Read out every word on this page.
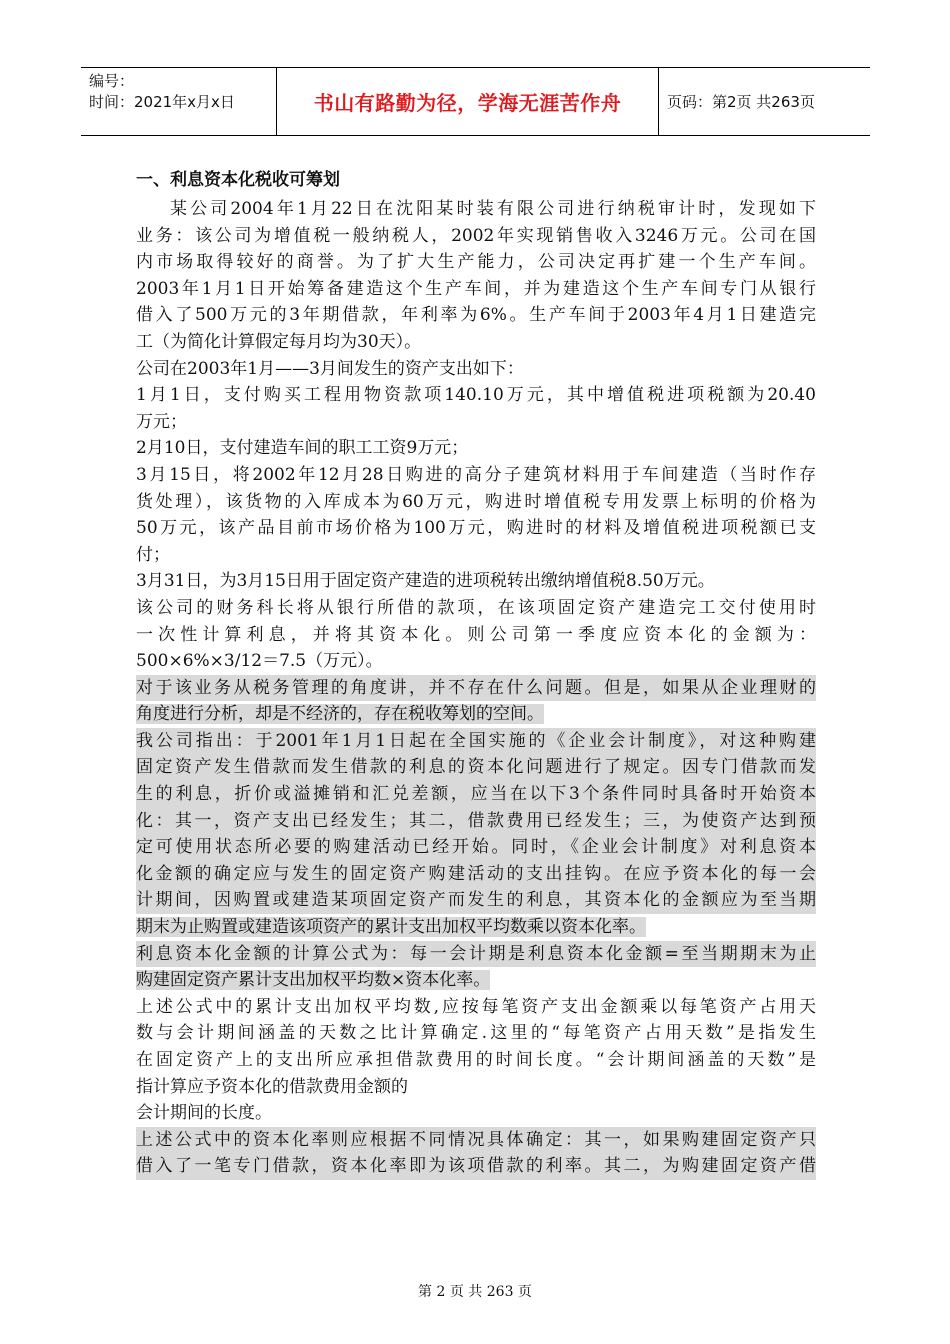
编号：
时间：2021年x月x日	书山有路勤为径，学海无涯苦作舟	页码：第2页 共263页
一、利息资本化税收可筹划
某公司2004年1月22日在沈阳某时装有限公司进行纳税审计时，发现如下
业务：该公司为增值税一般纳税人，2002年实现销售收入3246万元。公司在国
内市场取得较好的商誉。为了扩大生产能力，公司决定再扩建一个生产车间。
2003年1月1日开始筹备建造这个生产车间，并为建造这个生产车间专门从银行
借入了500万元的3年期借款，年利率为6%。生产车间于2003年4月1日建造完
工（为简化计算假定每月均为30天）。
公司在2003年1月——3月间发生的资产支出如下：
1月1日，支付购买工程用物资款项140.10万元，其中增值税进项税额为20.40
万元；
2月10日，支付建造车间的职工工资9万元；
3月15日，将2002年12月28日购进的高分子建筑材料用于车间建造（当时作存
货处理），该货物的入库成本为60万元，购进时增值税专用发票上标明的价格为
50万元，该产品目前市场价格为100万元，购进时的材料及增值税进项税额已支
付；
3月31日，为3月15日用于固定资产建造的进项税转出缴纳增值税8.50万元。
该公司的财务科长将从银行所借的款项，在该项固定资产建造完工交付使用时
一次性计算利息，并将其资本化。则公司第一季度应资本化的金额为：
500×6%×3/12＝7.5（万元）。
对于该业务从税务管理的角度讲，并不存在什么问题。但是，如果从企业理财的
角度进行分析，却是不经济的，存在税收筹划的空间。
我公司指出：于2001年1月1日起在全国实施的《企业会计制度》，对这种购建
固定资产发生借款而发生借款的利息的资本化问题进行了规定。因专门借款而发
生的利息，折价或溢摊销和汇兑差额，应当在以下3个条件同时具备时开始资本
化：其一，资产支出已经发生；其二，借款费用已经发生；三，为使资产达到预
定可使用状态所必要的购建活动已经开始。同时，《企业会计制度》对利息资本
化金额的确定应与发生的固定资产购建活动的支出挂钩。在应予资本化的每一会
计期间，因购置或建造某项固定资产而发生的利息，其资本化的金额应为至当期
期末为止购置或建造该项资产的累计支出加权平均数乘以资本化率。
利息资本化金额的计算公式为：每一会计期是利息资本化金额=至当期期末为止
购建固定资产累计支出加权平均数×资本化率。
上述公式中的累计支出加权平均数,应按每笔资产支出金额乘以每笔资产占用天
数与会计期间涵盖的天数之比计算确定.这里的“每笔资产占用天数”是指发生
在固定资产上的支出所应承担借款费用的时间长度。“会计期间涵盖的天数”是
指计算应予资本化的借款费用金额的
会计期间的长度。
上述公式中的资本化率则应根据不同情况具体确定：其一，如果购建固定资产只
借入了一笔专门借款，资本化率即为该项借款的利率。其二，为购建固定资产借
第 2 页 共 263 页
